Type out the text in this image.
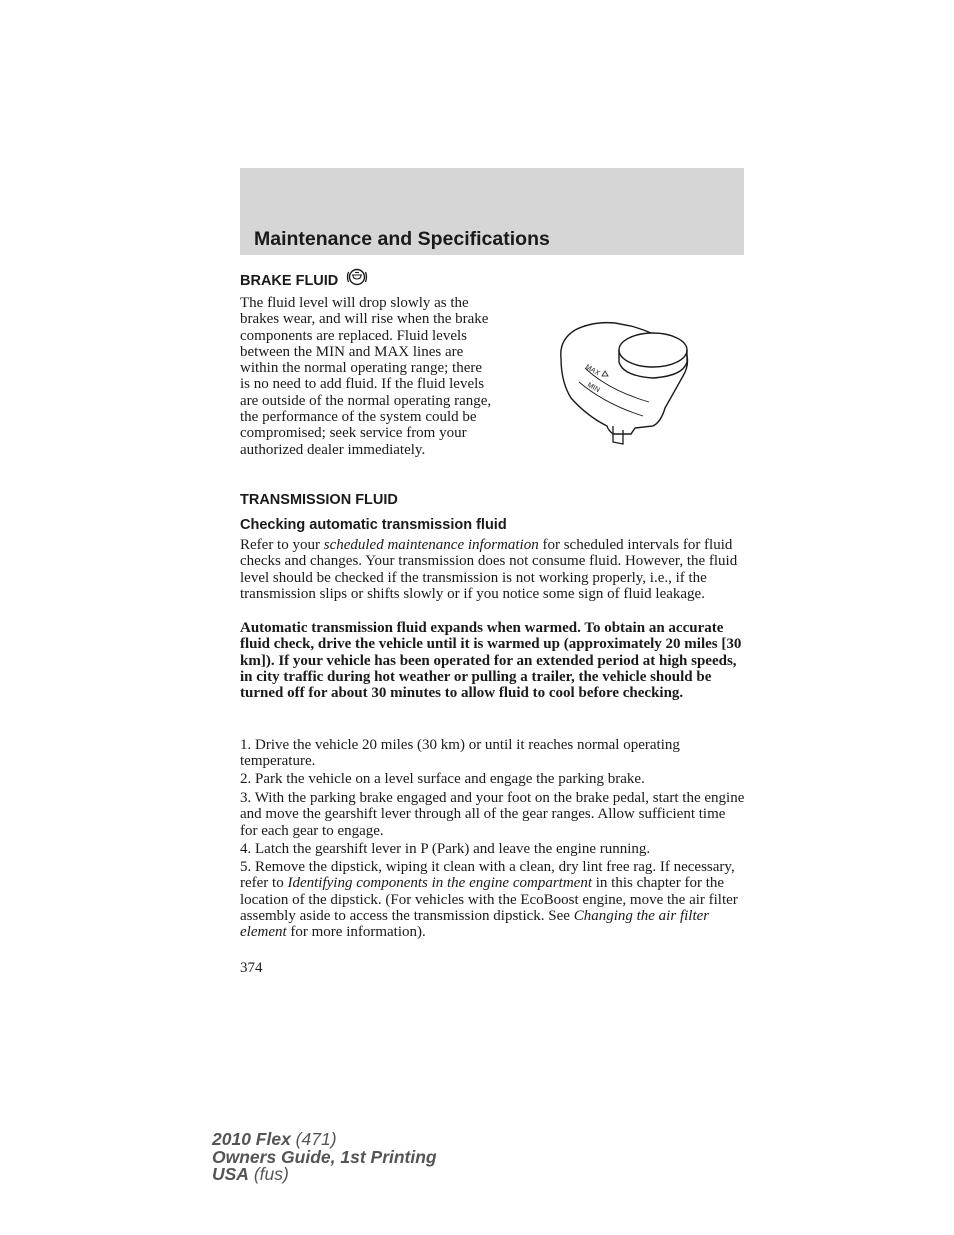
Maintenance and Specifications
BRAKE FLUID
The fluid level will drop slowly as the brakes wear, and will rise when the brake components are replaced. Fluid levels between the MIN and MAX lines are within the normal operating range; there is no need to add fluid. If the fluid levels are outside of the normal operating range, the performance of the system could be compromised; seek service from your authorized dealer immediately.
MAX
MIN
TRANSMISSION FLUID
Checking automatic transmission fluid
Refer to your scheduled maintenance information for scheduled intervals for fluid checks and changes. Your transmission does not consume fluid. However, the fluid level should be checked if the transmission is not working properly, i.e., if the transmission slips or shifts slowly or if you notice some sign of fluid leakage.
Automatic transmission fluid expands when warmed. To obtain an accurate fluid check, drive the vehicle until it is warmed up (approximately 20 miles [30 km]). If your vehicle has been operated for an extended period at high speeds, in city traffic during hot weather or pulling a trailer, the vehicle should be turned off for about 30 minutes to allow fluid to cool before checking.
1. Drive the vehicle 20 miles (30 km) or until it reaches normal operating temperature.
2. Park the vehicle on a level surface and engage the parking brake.
3. With the parking brake engaged and your foot on the brake pedal, start the engine and move the gearshift lever through all of the gear ranges. Allow sufficient time for each gear to engage.
4. Latch the gearshift lever in P (Park) and leave the engine running.
5. Remove the dipstick, wiping it clean with a clean, dry lint free rag. If necessary, refer to Identifying components in the engine compartment in this chapter for the location of the dipstick. (For vehicles with the EcoBoost engine, move the air filter assembly aside to access the transmission dipstick. See Changing the air filter element for more information).
374
2010 Flex (471)
Owners Guide, 1st Printing
USA (fus)
